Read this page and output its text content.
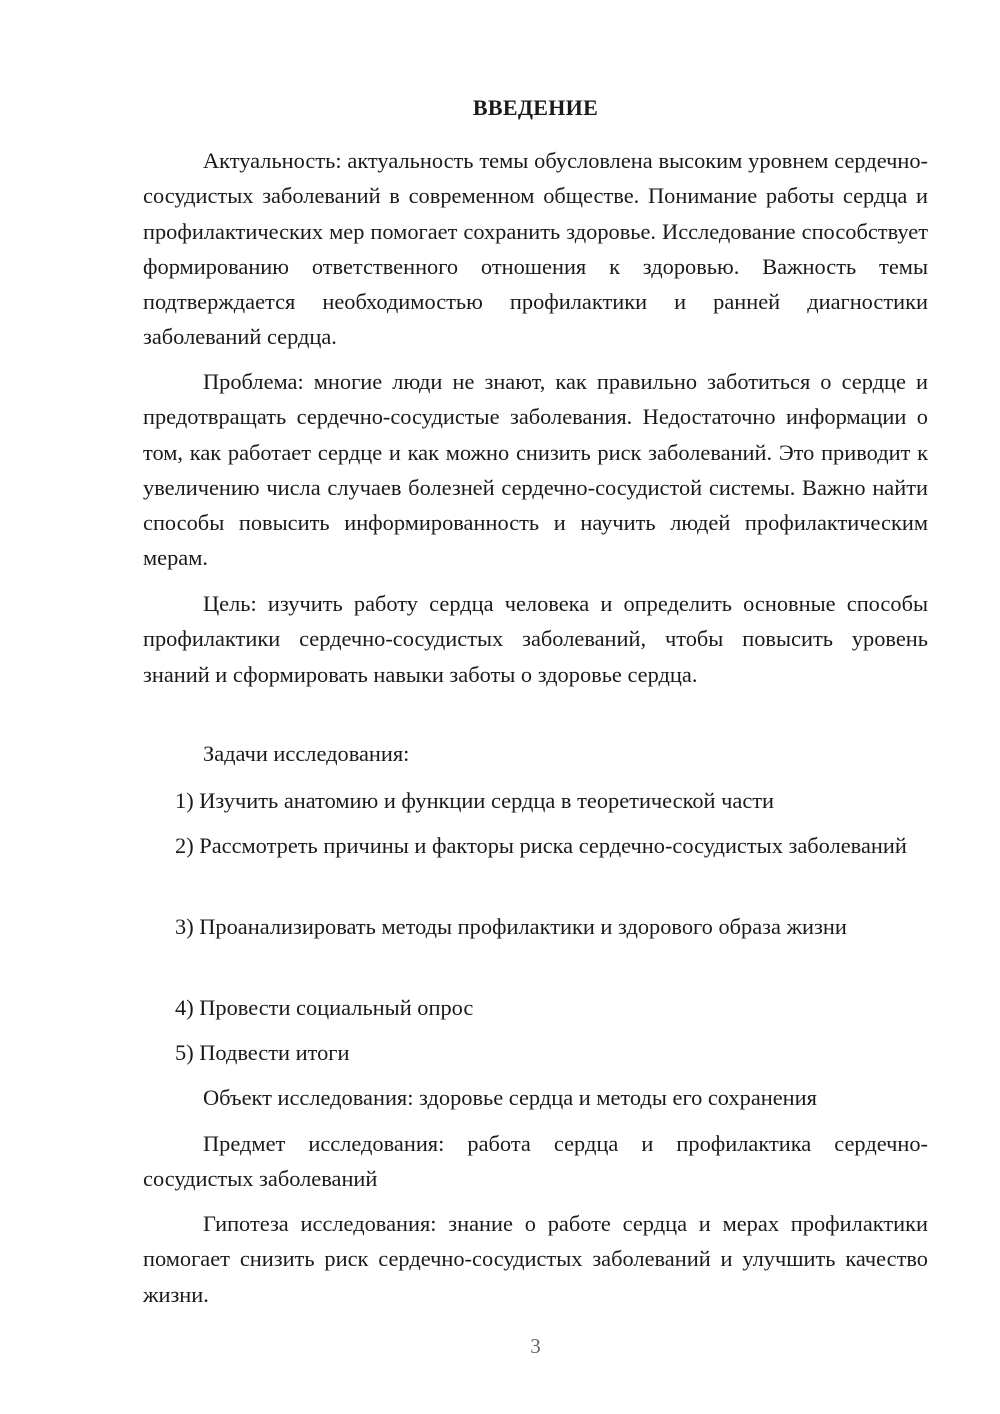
ВВЕДЕНИЕ

Актуальность: актуальность темы обусловлена высоким уровнем сердечно-сосудистых заболеваний в современном обществе. Понимание работы сердца и профилактических мер помогает сохранить здоровье. Исследование способствует формированию ответственного отношения к здоровью. Важность темы подтверждается необходимостью профилактики и ранней диагностики заболеваний сердца.

Проблема: многие люди не знают, как правильно заботиться о сердце и предотвращать сердечно-сосудистые заболевания. Недостаточно информации о том, как работает сердце и как можно снизить риск заболеваний. Это приводит к увеличению числа случаев болезней сердечно-сосудистой системы. Важно найти способы повысить информированность и научить людей профилактическим мерам.

Цель: изучить работу сердца человека и определить основные способы профилактики сердечно-сосудистых заболеваний, чтобы повысить уровень знаний и сформировать навыки заботы о здоровье сердца.

Задачи исследования:

1) Изучить анатомию и функции сердца в теоретической части

2) Рассмотреть причины и факторы риска сердечно-сосудистых заболеваний

3) Проанализировать методы профилактики и здорового образа жизни

4) Провести социальный опрос

5) Подвести итоги

Объект исследования: здоровье сердца и методы его сохранения

Предмет исследования: работа сердца и профилактика сердечно-сосудистых заболеваний

Гипотеза исследования: знание о работе сердца и мерах профилактики помогает снизить риск сердечно-сосудистых заболеваний и улучшить качество жизни.

3
